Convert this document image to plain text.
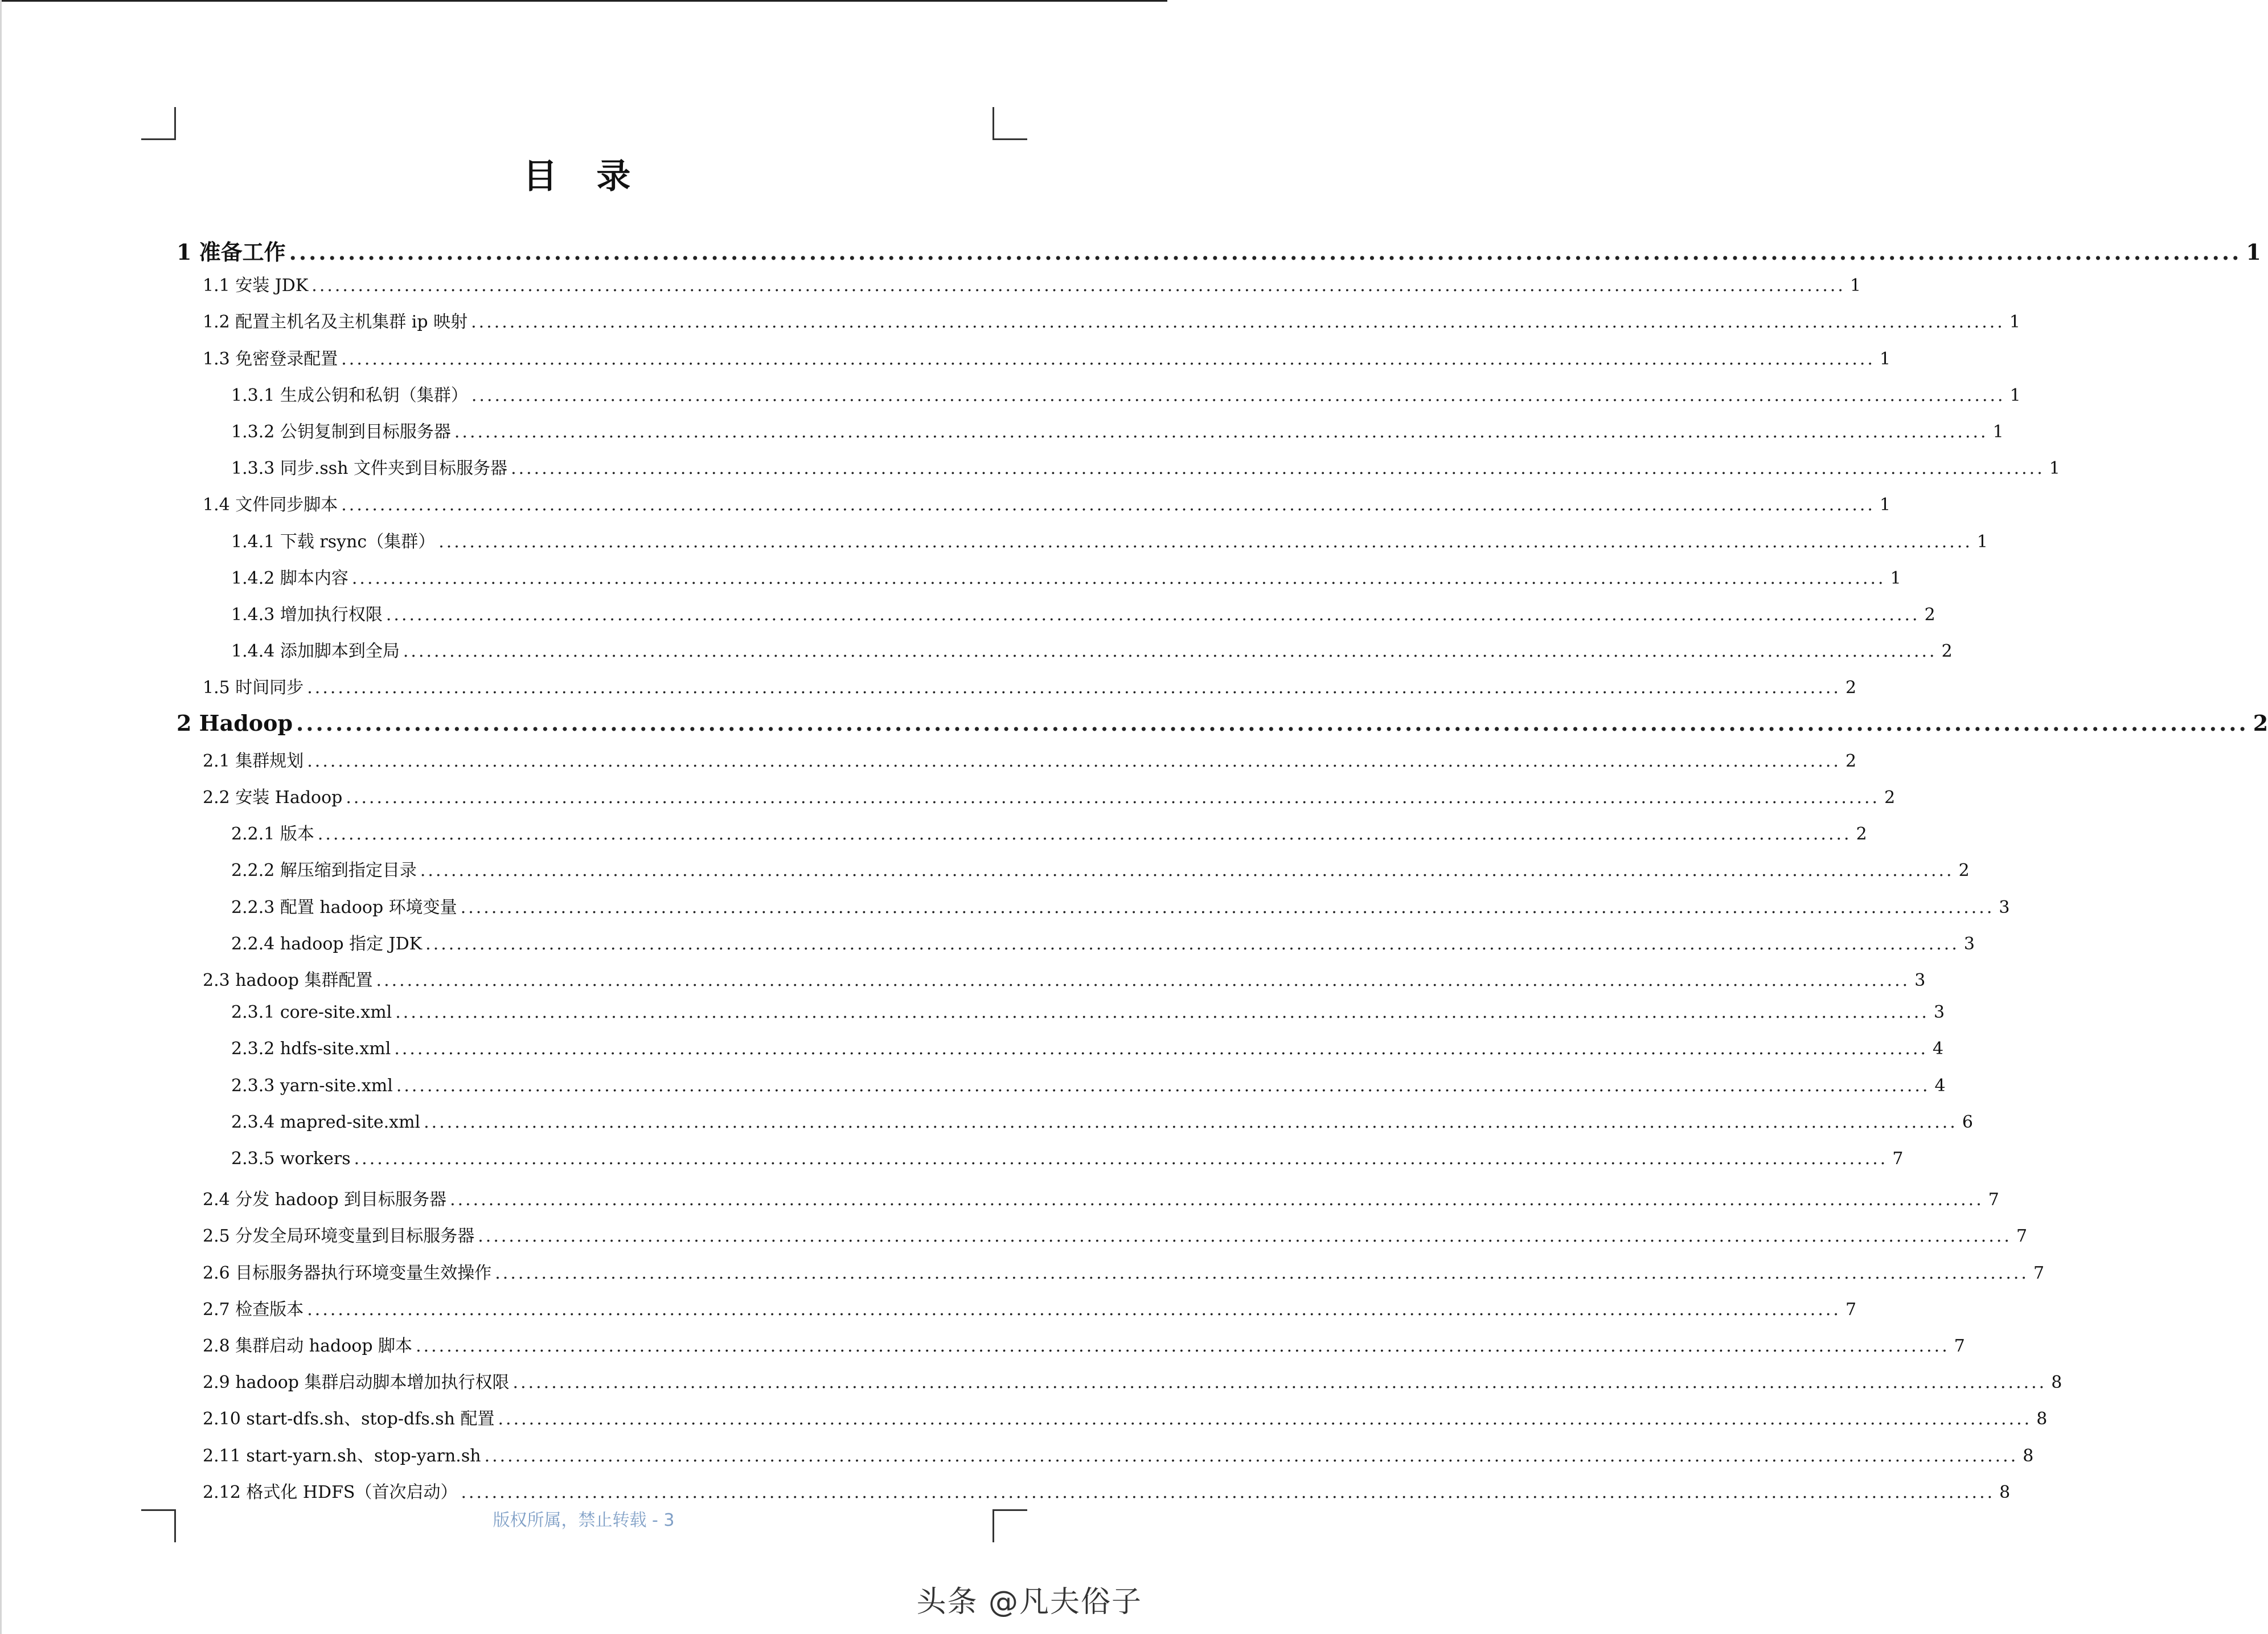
目 录
1 准备工作 ....................................................................................................................................................................................................... 1
1.1 安装 JDK ....................................................................................................................................................................................................... 1
1.2 配置主机名及主机集群 ip 映射 ....................................................................................................................................................................................................... 1
1.3 免密登录配置 ....................................................................................................................................................................................................... 1
1.3.1 生成公钥和私钥（集群） ....................................................................................................................................................................................................... 1
1.3.2 公钥复制到目标服务器 ....................................................................................................................................................................................................... 1
1.3.3 同步.ssh 文件夹到目标服务器 ....................................................................................................................................................................................................... 1
1.4 文件同步脚本 ....................................................................................................................................................................................................... 1
1.4.1 下载 rsync（集群） ....................................................................................................................................................................................................... 1
1.4.2 脚本内容 ....................................................................................................................................................................................................... 1
1.4.3 增加执行权限 ....................................................................................................................................................................................................... 2
1.4.4 添加脚本到全局 ....................................................................................................................................................................................................... 2
1.5 时间同步 ....................................................................................................................................................................................................... 2
2 Hadoop ....................................................................................................................................................................................................... 2
2.1 集群规划 ....................................................................................................................................................................................................... 2
2.2 安装 Hadoop ....................................................................................................................................................................................................... 2
2.2.1 版本 ....................................................................................................................................................................................................... 2
2.2.2 解压缩到指定目录 ....................................................................................................................................................................................................... 2
2.2.3 配置 hadoop 环境变量 ....................................................................................................................................................................................................... 3
2.2.4 hadoop 指定 JDK ....................................................................................................................................................................................................... 3
2.3 hadoop 集群配置 ....................................................................................................................................................................................................... 3
2.3.1 core-site.xml ....................................................................................................................................................................................................... 3
2.3.2 hdfs-site.xml ....................................................................................................................................................................................................... 4
2.3.3 yarn-site.xml ....................................................................................................................................................................................................... 4
2.3.4 mapred-site.xml ....................................................................................................................................................................................................... 6
2.3.5 workers ....................................................................................................................................................................................................... 7
2.4 分发 hadoop 到目标服务器 ....................................................................................................................................................................................................... 7
2.5 分发全局环境变量到目标服务器 ....................................................................................................................................................................................................... 7
2.6 目标服务器执行环境变量生效操作 ....................................................................................................................................................................................................... 7
2.7 检查版本 ....................................................................................................................................................................................................... 7
2.8 集群启动 hadoop 脚本 ....................................................................................................................................................................................................... 7
2.9 hadoop 集群启动脚本增加执行权限 ....................................................................................................................................................................................................... 8
2.10 start-dfs.sh、stop-dfs.sh 配置 ....................................................................................................................................................................................................... 8
2.11 start-yarn.sh、stop-yarn.sh ....................................................................................................................................................................................................... 8
2.12 格式化 HDFS（首次启动） ....................................................................................................................................................................................................... 8
版权所属，禁止转载 - 3
头条 @凡夫俗子
